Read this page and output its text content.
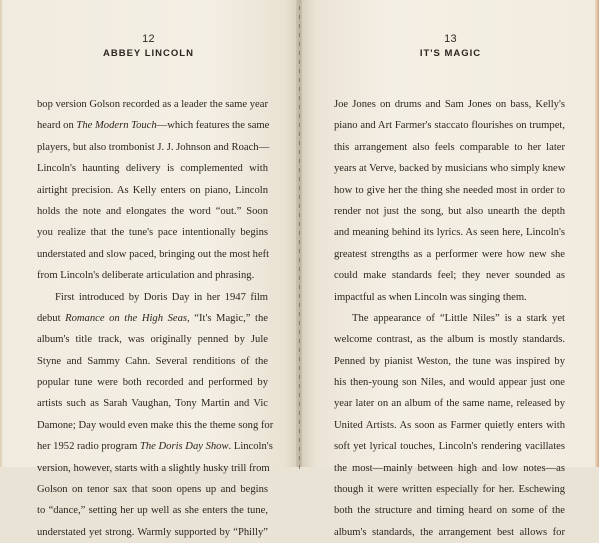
12
ABBEY LINCOLN
bop version Golson recorded as a leader the same year
heard on The Modern Touch—which features the same
players, but also trombonist J. J. Johnson and Roach—
Lincoln's haunting delivery is complemented with
airtight precision. As Kelly enters on piano, Lincoln
holds the note and elongates the word “out.” Soon
you realize that the tune's pace intentionally begins
understated and slow paced, bringing out the most heft
from Lincoln's deliberate articulation and phrasing.
First introduced by Doris Day in her 1947 film
debut Romance on the High Seas, “It's Magic,” the
album's title track, was originally penned by Jule
Styne and Sammy Cahn. Several renditions of the
popular tune were both recorded and performed by
artists such as Sarah Vaughan, Tony Martin and Vic
Damone; Day would even make this the theme song for
her 1952 radio program The Doris Day Show. Lincoln's
version, however, starts with a slightly husky trill from
Golson on tenor sax that soon opens up and begins
to “dance,” setting her up well as she enters the tune,
understated yet strong. Warmly supported by “Philly”
13
IT'S MAGIC
Joe Jones on drums and Sam Jones on bass, Kelly's
piano and Art Farmer's staccato flourishes on trumpet,
this arrangement also feels comparable to her later
years at Verve, backed by musicians who simply knew
how to give her the thing she needed most in order to
render not just the song, but also unearth the depth
and meaning behind its lyrics. As seen here, Lincoln's
greatest strengths as a performer were how new she
could make standards feel; they never sounded as
impactful as when Lincoln was singing them.
The appearance of “Little Niles” is a stark yet
welcome contrast, as the album is mostly standards.
Penned by pianist Weston, the tune was inspired by
his then-young son Niles, and would appear just one
year later on an album of the same name, released by
United Artists. As soon as Farmer quietly enters with
soft yet lyrical touches, Lincoln's rendering vacillates
the most—mainly between high and low notes—as
though it were written especially for her. Eschewing
both the structure and timing heard on some of the
album's standards, the arrangement best allows for
